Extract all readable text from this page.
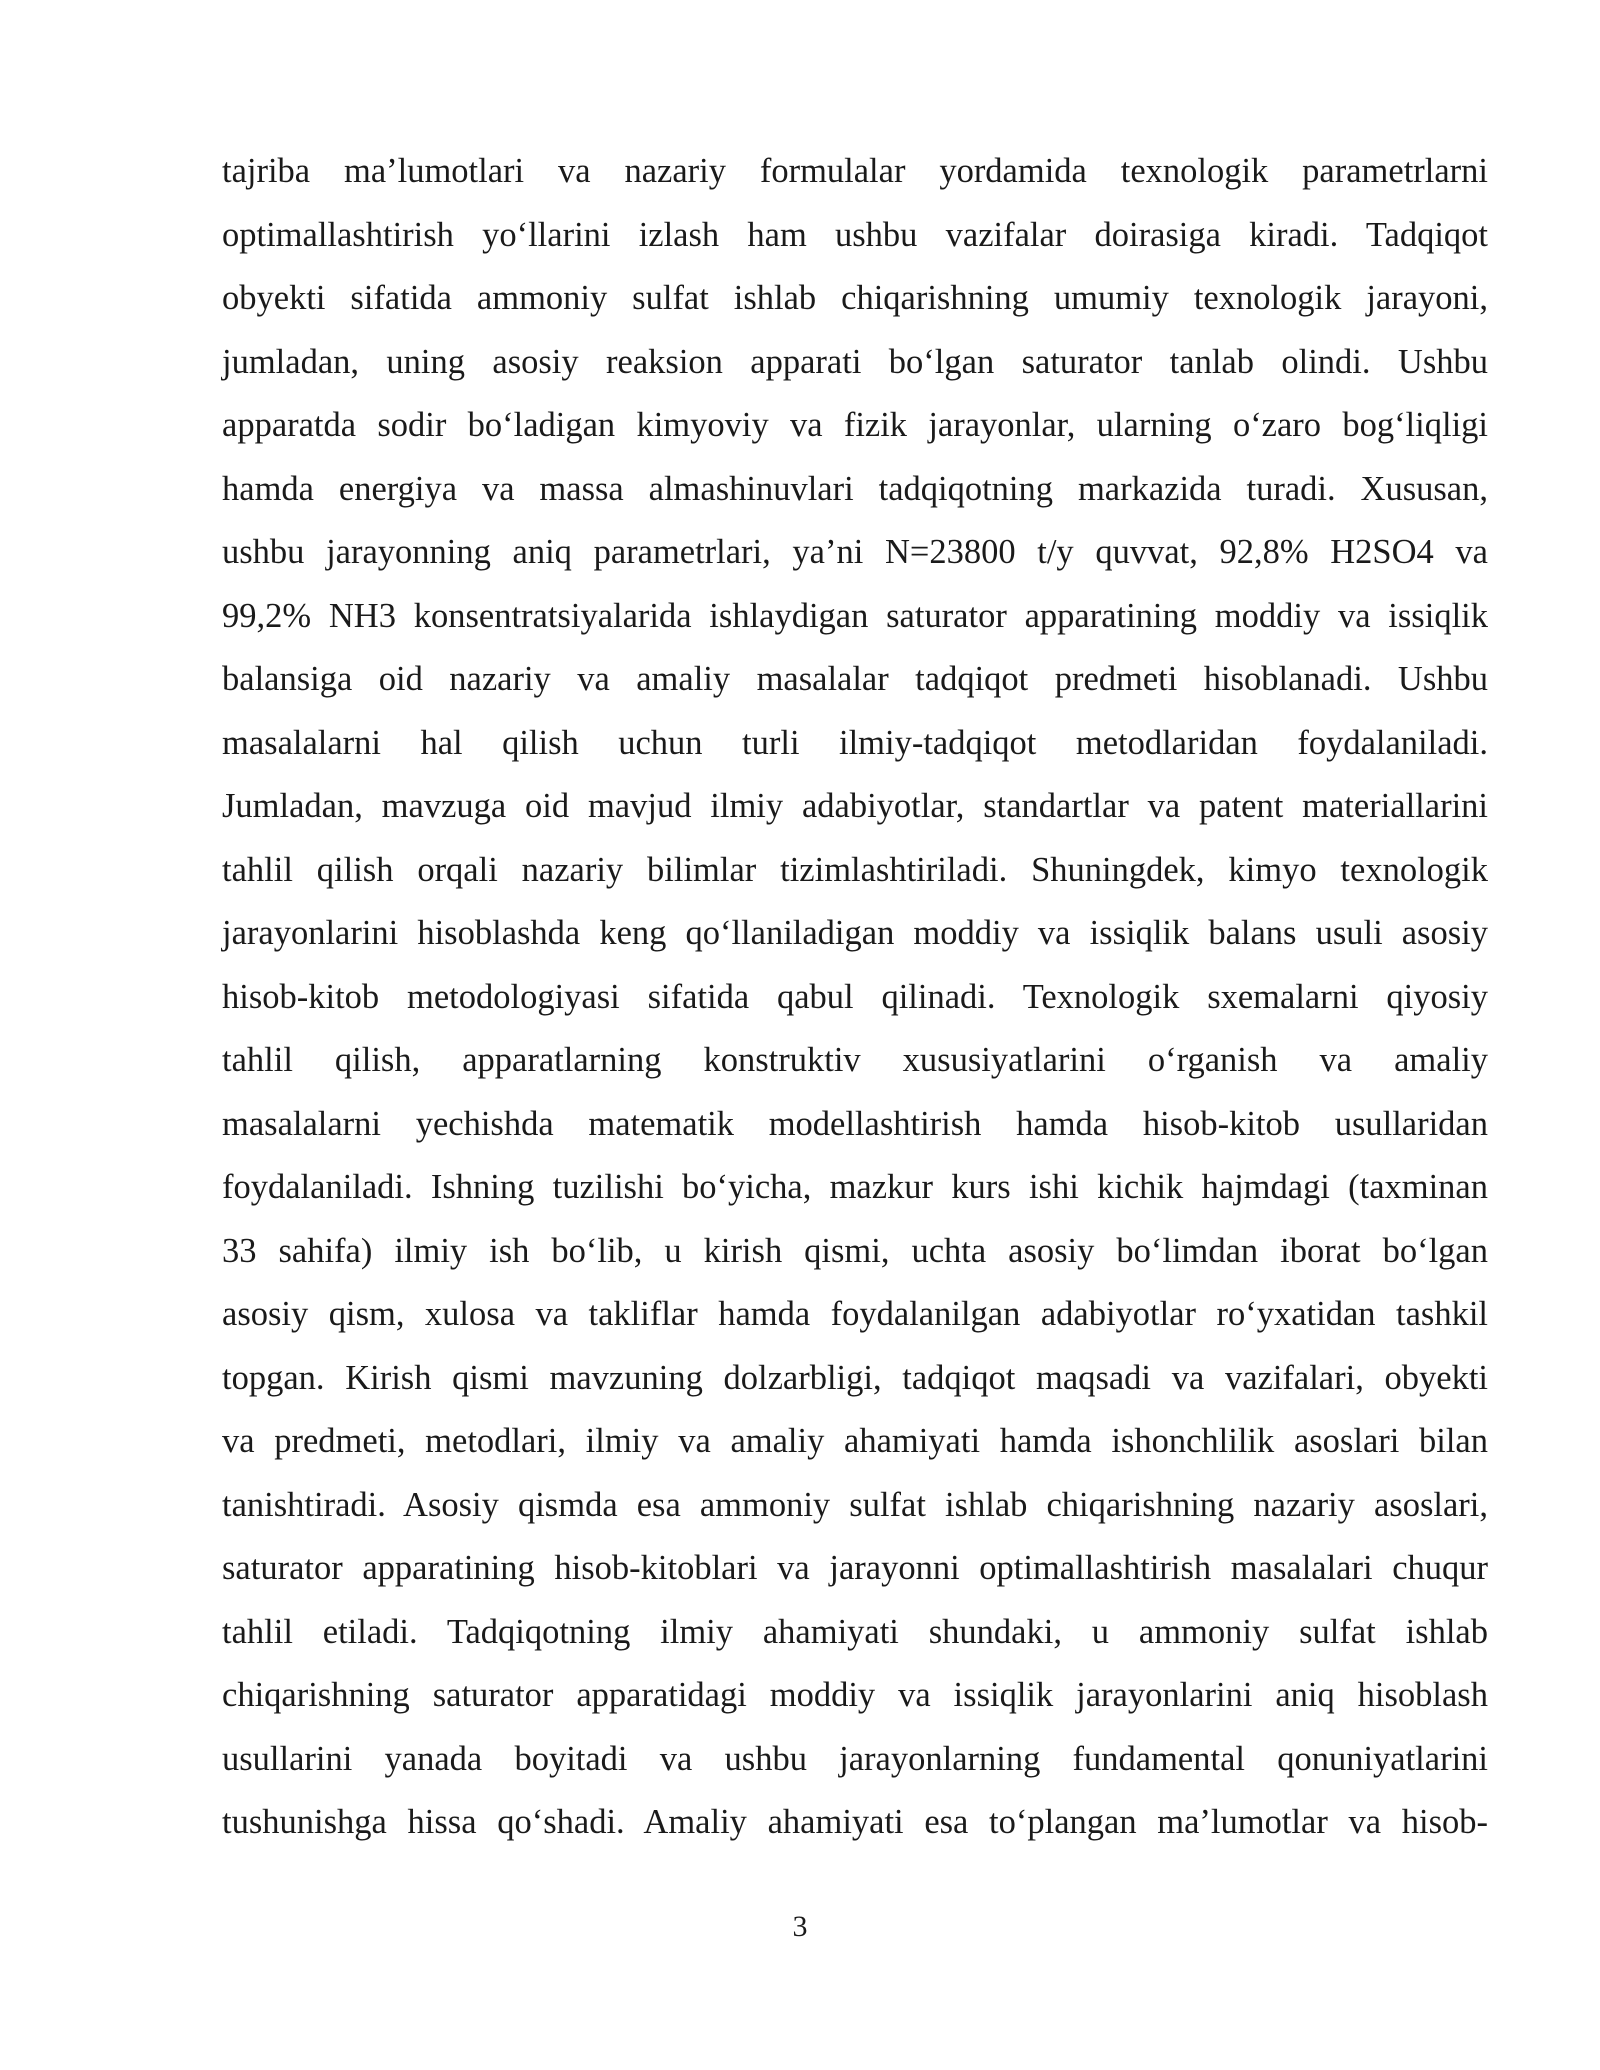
tajriba ma’lumotlari va nazariy formulalar yordamida texnologik parametrlarni
optimallashtirish yo‘llarini izlash ham ushbu vazifalar doirasiga kiradi. Tadqiqot
obyekti sifatida ammoniy sulfat ishlab chiqarishning umumiy texnologik jarayoni,
jumladan, uning asosiy reaksion apparati bo‘lgan saturator tanlab olindi. Ushbu
apparatda sodir bo‘ladigan kimyoviy va fizik jarayonlar, ularning o‘zaro bog‘liqligi
hamda energiya va massa almashinuvlari tadqiqotning markazida turadi. Xususan,
ushbu jarayonning aniq parametrlari, ya’ni N=23800 t/y quvvat, 92,8% H2SO4 va
99,2% NH3 konsentratsiyalarida ishlaydigan saturator apparatining moddiy va issiqlik
balansiga oid nazariy va amaliy masalalar tadqiqot predmeti hisoblanadi. Ushbu
masalalarni hal qilish uchun turli ilmiy-tadqiqot metodlaridan foydalaniladi.
Jumladan, mavzuga oid mavjud ilmiy adabiyotlar, standartlar va patent materiallarini
tahlil qilish orqali nazariy bilimlar tizimlashtiriladi. Shuningdek, kimyo texnologik
jarayonlarini hisoblashda keng qo‘llaniladigan moddiy va issiqlik balans usuli asosiy
hisob-kitob metodologiyasi sifatida qabul qilinadi. Texnologik sxemalarni qiyosiy
tahlil qilish, apparatlarning konstruktiv xususiyatlarini o‘rganish va amaliy
masalalarni yechishda matematik modellashtirish hamda hisob-kitob usullaridan
foydalaniladi. Ishning tuzilishi bo‘yicha, mazkur kurs ishi kichik hajmdagi (taxminan
33 sahifa) ilmiy ish bo‘lib, u kirish qismi, uchta asosiy bo‘limdan iborat bo‘lgan
asosiy qism, xulosa va takliflar hamda foydalanilgan adabiyotlar ro‘yxatidan tashkil
topgan. Kirish qismi mavzuning dolzarbligi, tadqiqot maqsadi va vazifalari, obyekti
va predmeti, metodlari, ilmiy va amaliy ahamiyati hamda ishonchlilik asoslari bilan
tanishtiradi. Asosiy qismda esa ammoniy sulfat ishlab chiqarishning nazariy asoslari,
saturator apparatining hisob-kitoblari va jarayonni optimallashtirish masalalari chuqur
tahlil etiladi. Tadqiqotning ilmiy ahamiyati shundaki, u ammoniy sulfat ishlab
chiqarishning saturator apparatidagi moddiy va issiqlik jarayonlarini aniq hisoblash
usullarini yanada boyitadi va ushbu jarayonlarning fundamental qonuniyatlarini
tushunishga hissa qo‘shadi. Amaliy ahamiyati esa to‘plangan ma’lumotlar va hisob-
3
